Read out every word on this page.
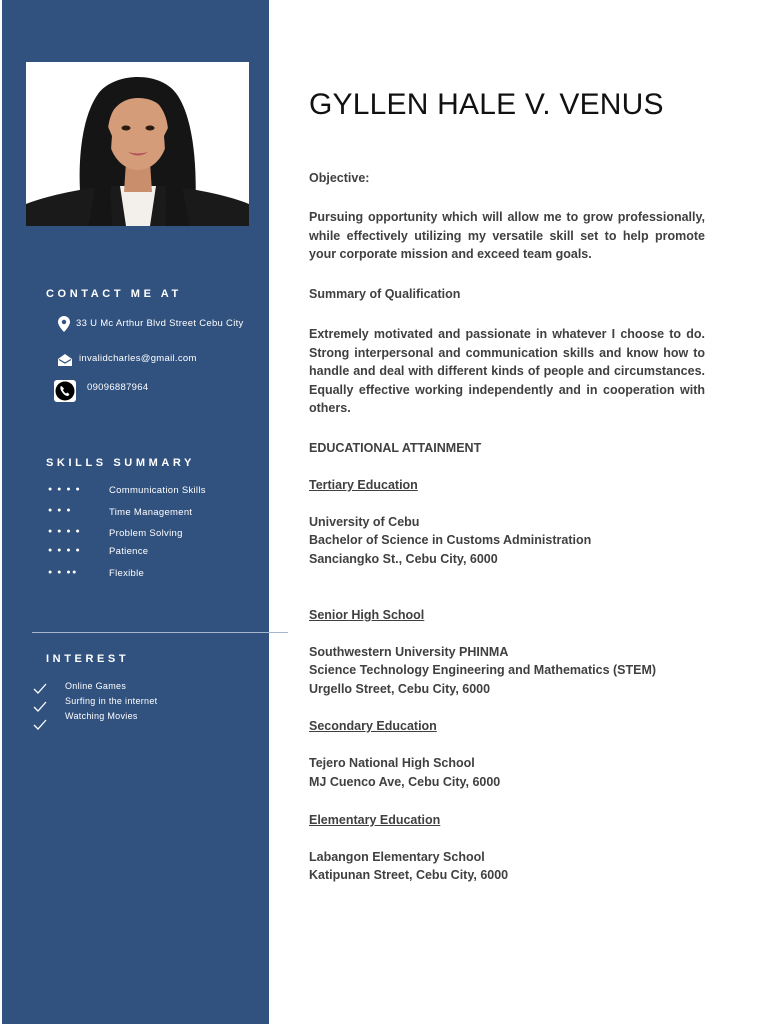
CONTACT ME AT
33 U Mc Arthur Blvd Street Cebu City
invalidcharles@gmail.com
09096887964
SKILLS SUMMARY
● ● ● ●	Communication Skills
● ● ●	Time Management
● ● ● ●	Problem Solving
● ● ● ●	Patience
● ● ●●	Flexible
INTEREST
Online Games
Surfing in the internet
Watching Movies
GYLLEN HALE V. VENUS

Objective:

Pursuing opportunity which will allow me to grow professionally, while effectively utilizing my versatile skill set to help promote your corporate mission and exceed team goals.

Summary of Qualification

Extremely motivated and passionate in whatever I choose to do. Strong interpersonal and communication skills and know how to handle and deal with different kinds of people and circumstances. Equally effective working independently and in cooperation with others.

EDUCATIONAL ATTAINMENT

Tertiary Education

University of Cebu

Bachelor of Science in Customs Administration

Sanciangko St., Cebu City, 6000

Senior High School

Southwestern University PHINMA

Science Technology Engineering and Mathematics (STEM)

Urgello Street, Cebu City, 6000

Secondary Education

Tejero National High School

MJ Cuenco Ave, Cebu City, 6000

Elementary Education

Labangon Elementary School

Katipunan Street, Cebu City, 6000
